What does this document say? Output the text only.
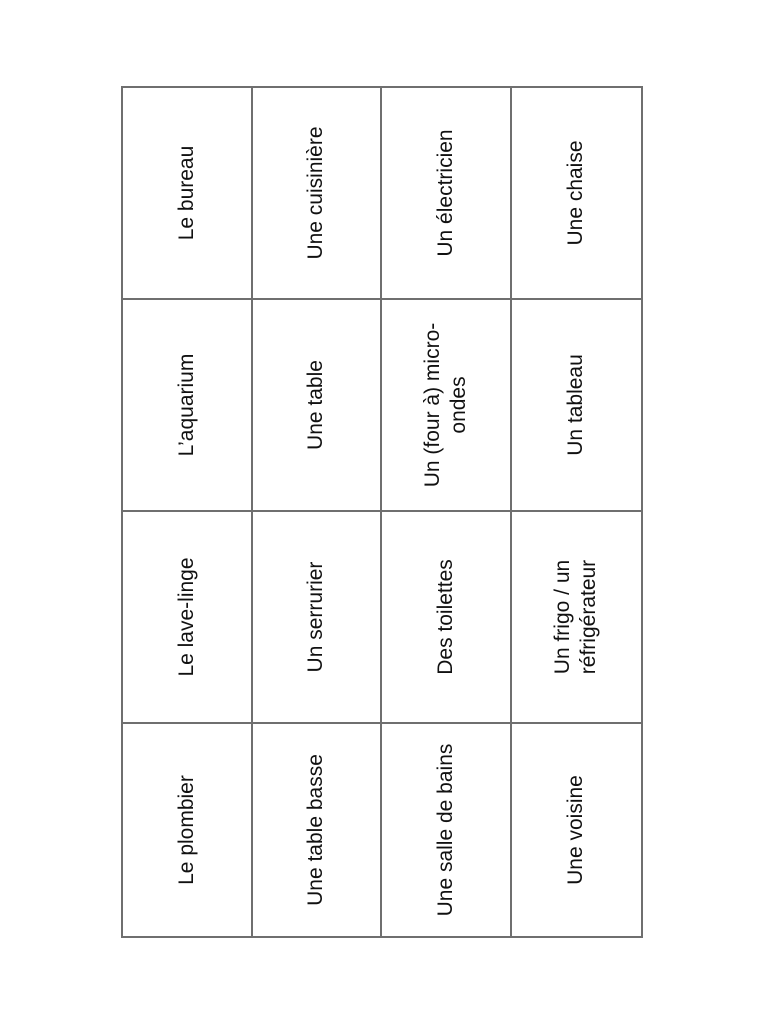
Le bureau	Une cuisinière	Un électricien	Une chaise
L’aquarium	Une table	Un (four à) micro-ondes	Un tableau
Le lave-linge	Un serrurier	Des toilettes	Un frigo / un réfrigérateur
Le plombier	Une table basse	Une salle de bains	Une voisine
